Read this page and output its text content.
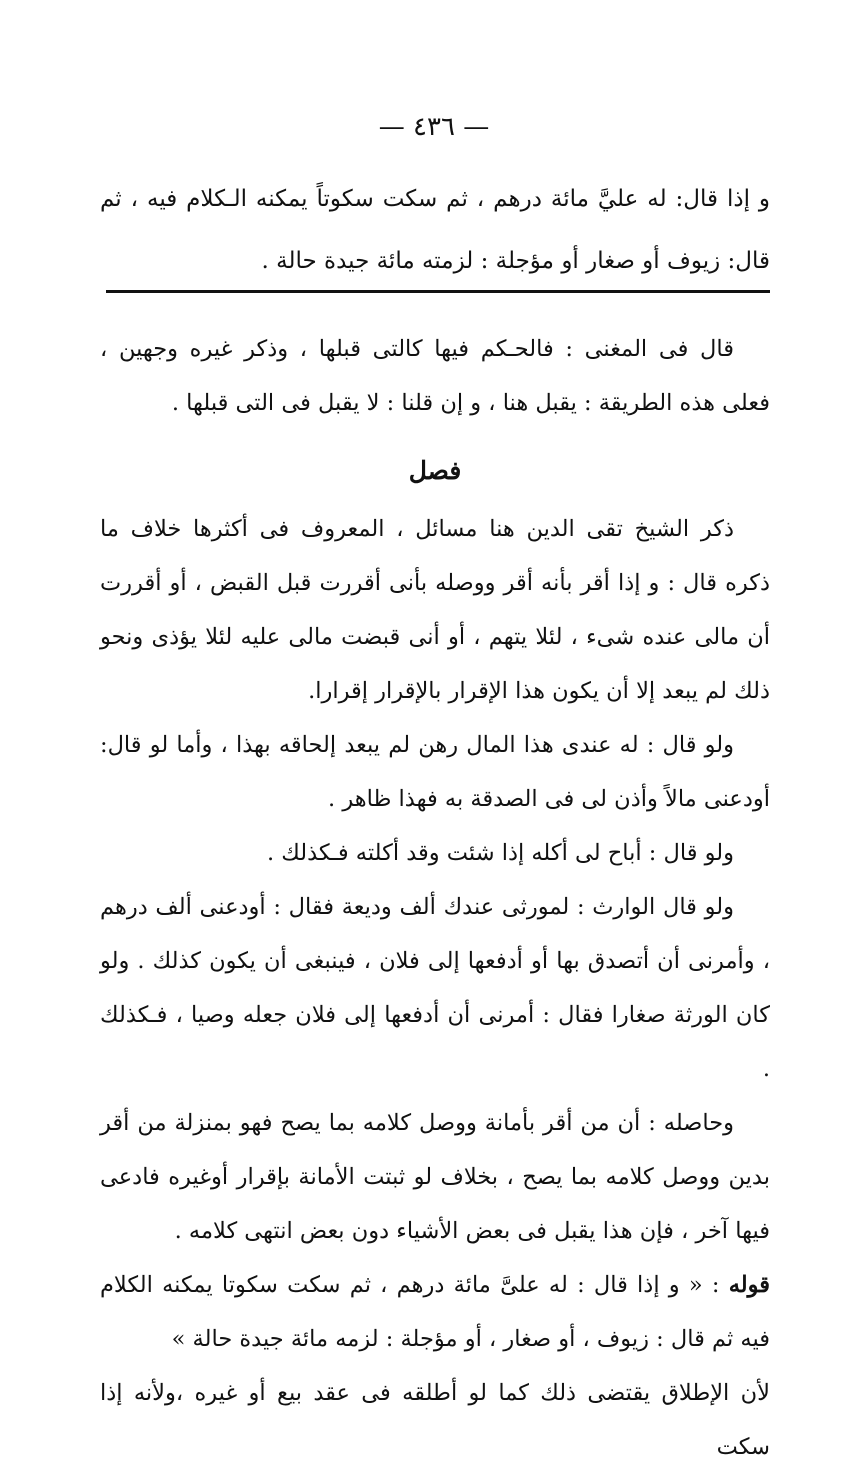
— ٤٣٦ —
و إذا قال: له عليَّ مائة درهم ، ثم سكت سكوتاً يمكنه الـكلام فيه ، ثم قال: زيوف أو صغار أو مؤجلة : لزمته مائة جيدة حالة .

قال فى المغنى : فالحـكم فيها كالتى قبلها ، وذكر غيره وجهين ، فعلى هذه الطريقة : يقبل هنا ، و إن قلنا : لا يقبل فى التى قبلها .

فصل

ذكر الشيخ تقى الدين هنا مسائل ، المعروف فى أكثرها خلاف ما ذكره قال : و إذا أقر بأنه أقر ووصله بأنى أقررت قبل القبض ، أو أقررت أن مالى عنده شىء ، لئلا يتهم ، أو أنى قبضت مالى عليه لئلا يؤذى ونحو ذلك لم يبعد إلا أن يكون هذا الإقرار بالإقرار إقرارا.

ولو قال : له عندى هذا المال رهن لم يبعد إلحاقه بهذا ، وأما لو قال: أودعنى مالاً وأذن لى فى الصدقة به فهذا ظاهر .

ولو قال : أباح لى أكله إذا شئت وقد أكلته فـكذلك .

ولو قال الوارث : لمورثى عندك ألف وديعة فقال : أودعنى ألف درهم ، وأمرنى أن أتصدق بها أو أدفعها إلى فلان ، فينبغى أن يكون كذلك . ولو كان الورثة صغارا فقال : أمرنى أن أدفعها إلى فلان جعله وصيا ، فـكذلك .

وحاصله : أن من أقر بأمانة ووصل كلامه بما يصح فهو بمنزلة من أقر بدين ووصل كلامه بما يصح ، بخلاف لو ثبتت الأمانة بإقرار أوغيره فادعى فيها آخر ، فإن هذا يقبل فى بعض الأشياء دون بعض انتهى كلامه .

قوله : « و إذا قال : له علىَّ مائة درهم ، ثم سكت سكوتا يمكنه الكلام فيه ثم قال : زيوف ، أو صغار ، أو مؤجلة : لزمه مائة جيدة حالة »

لأن الإطلاق يقتضى ذلك كما لو أطلقه فى عقد بيع أو غيره ،ولأنه إذا سكت
